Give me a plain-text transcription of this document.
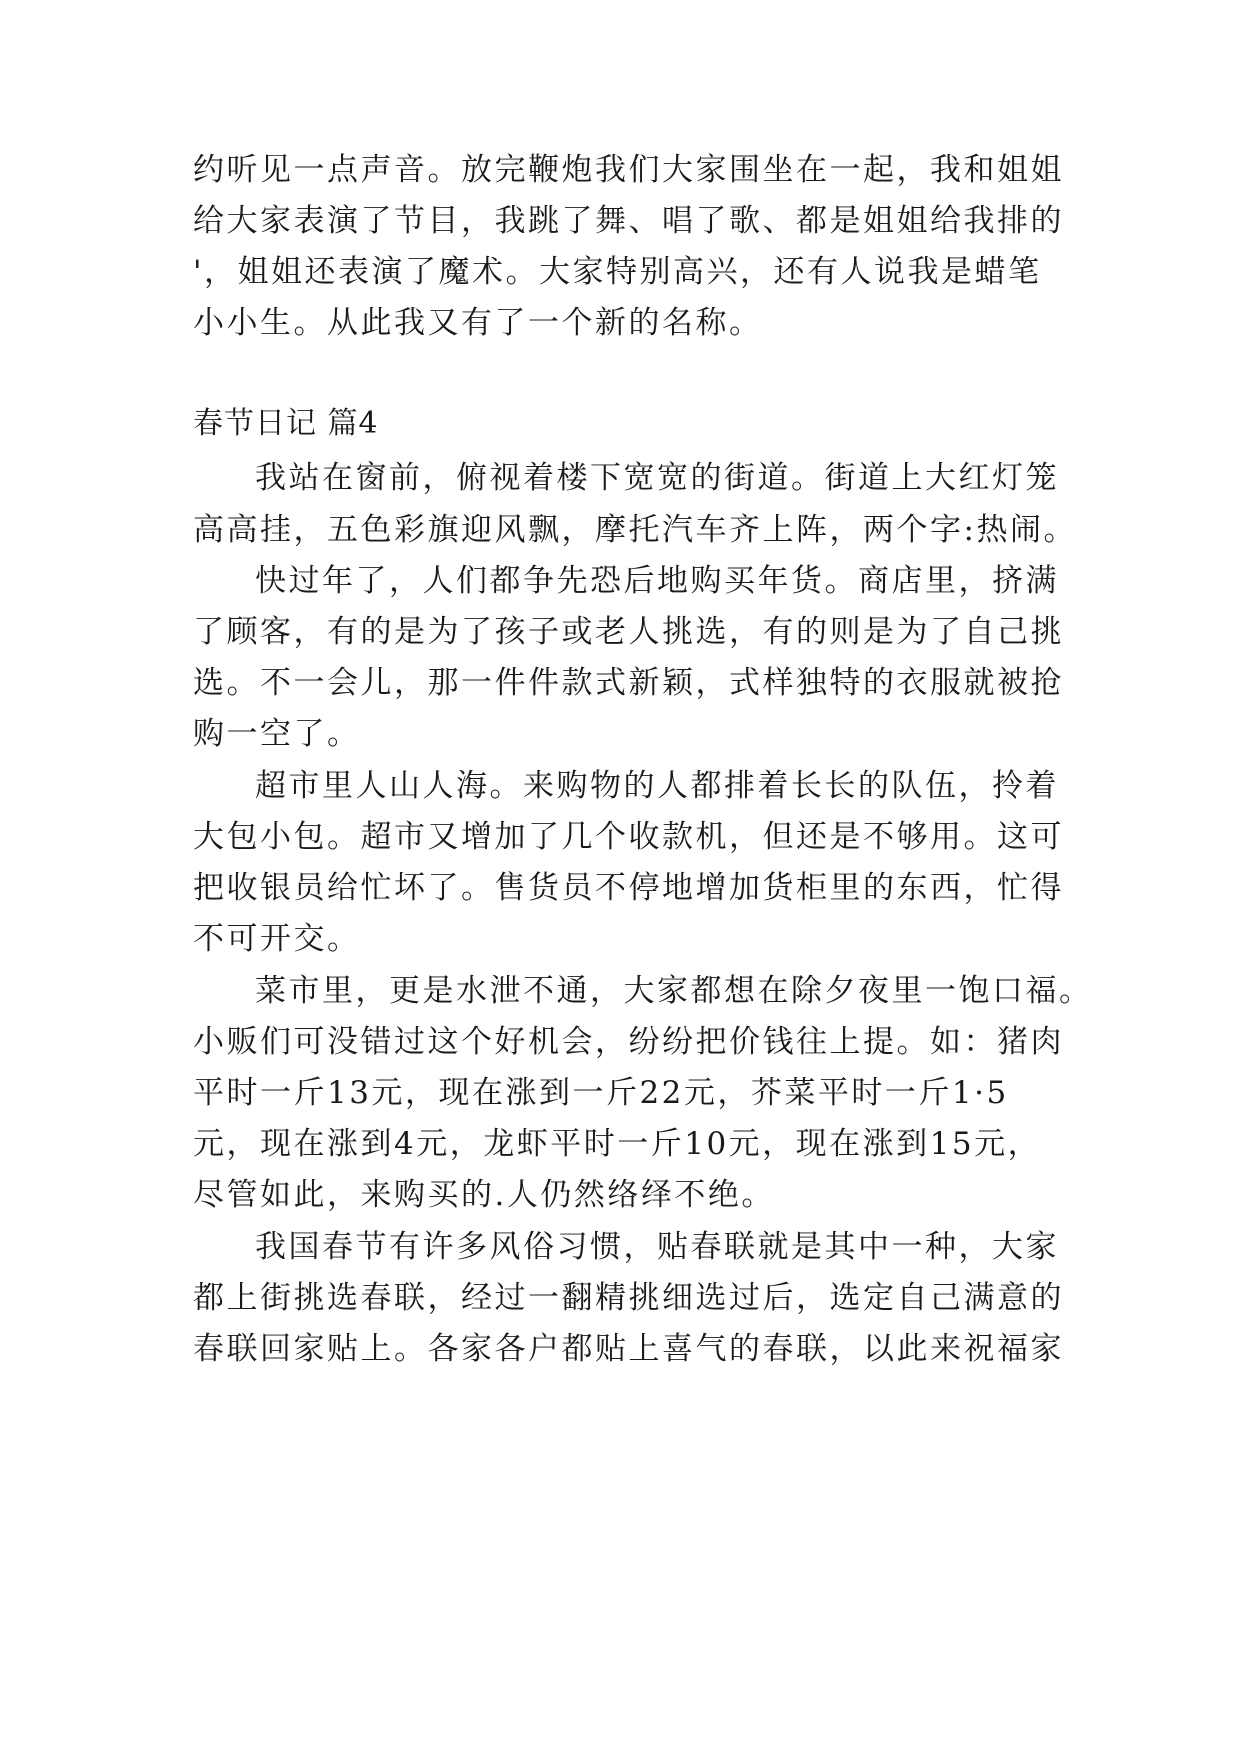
约听见一点声音。放完鞭炮我们大家围坐在一起，我和姐姐
给大家表演了节目，我跳了舞、唱了歌、都是姐姐给我排的
'，姐姐还表演了魔术。大家特别高兴，还有人说我是蜡笔
小小生。从此我又有了一个新的名称。
春节日记 篇4
我站在窗前，俯视着楼下宽宽的街道。街道上大红灯笼
高高挂，五色彩旗迎风飘，摩托汽车齐上阵，两个字:热闹。
快过年了，人们都争先恐后地购买年货。商店里，挤满
了顾客，有的是为了孩子或老人挑选，有的则是为了自己挑
选。不一会儿，那一件件款式新颖，式样独特的衣服就被抢
购一空了。
超市里人山人海。来购物的人都排着长长的队伍，拎着
大包小包。超市又增加了几个收款机，但还是不够用。这可
把收银员给忙坏了。售货员不停地增加货柜里的东西，忙得
不可开交。
菜市里，更是水泄不通，大家都想在除夕夜里一饱口福。
小贩们可没错过这个好机会，纷纷把价钱往上提。如：猪肉
平时一斤13元，现在涨到一斤22元，芥菜平时一斤1·5
元，现在涨到4元，龙虾平时一斤10元，现在涨到15元，
尽管如此，来购买的.人仍然络绎不绝。
我国春节有许多风俗习惯，贴春联就是其中一种，大家
都上街挑选春联，经过一翻精挑细选过后，选定自己满意的
春联回家贴上。各家各户都贴上喜气的春联，以此来祝福家
